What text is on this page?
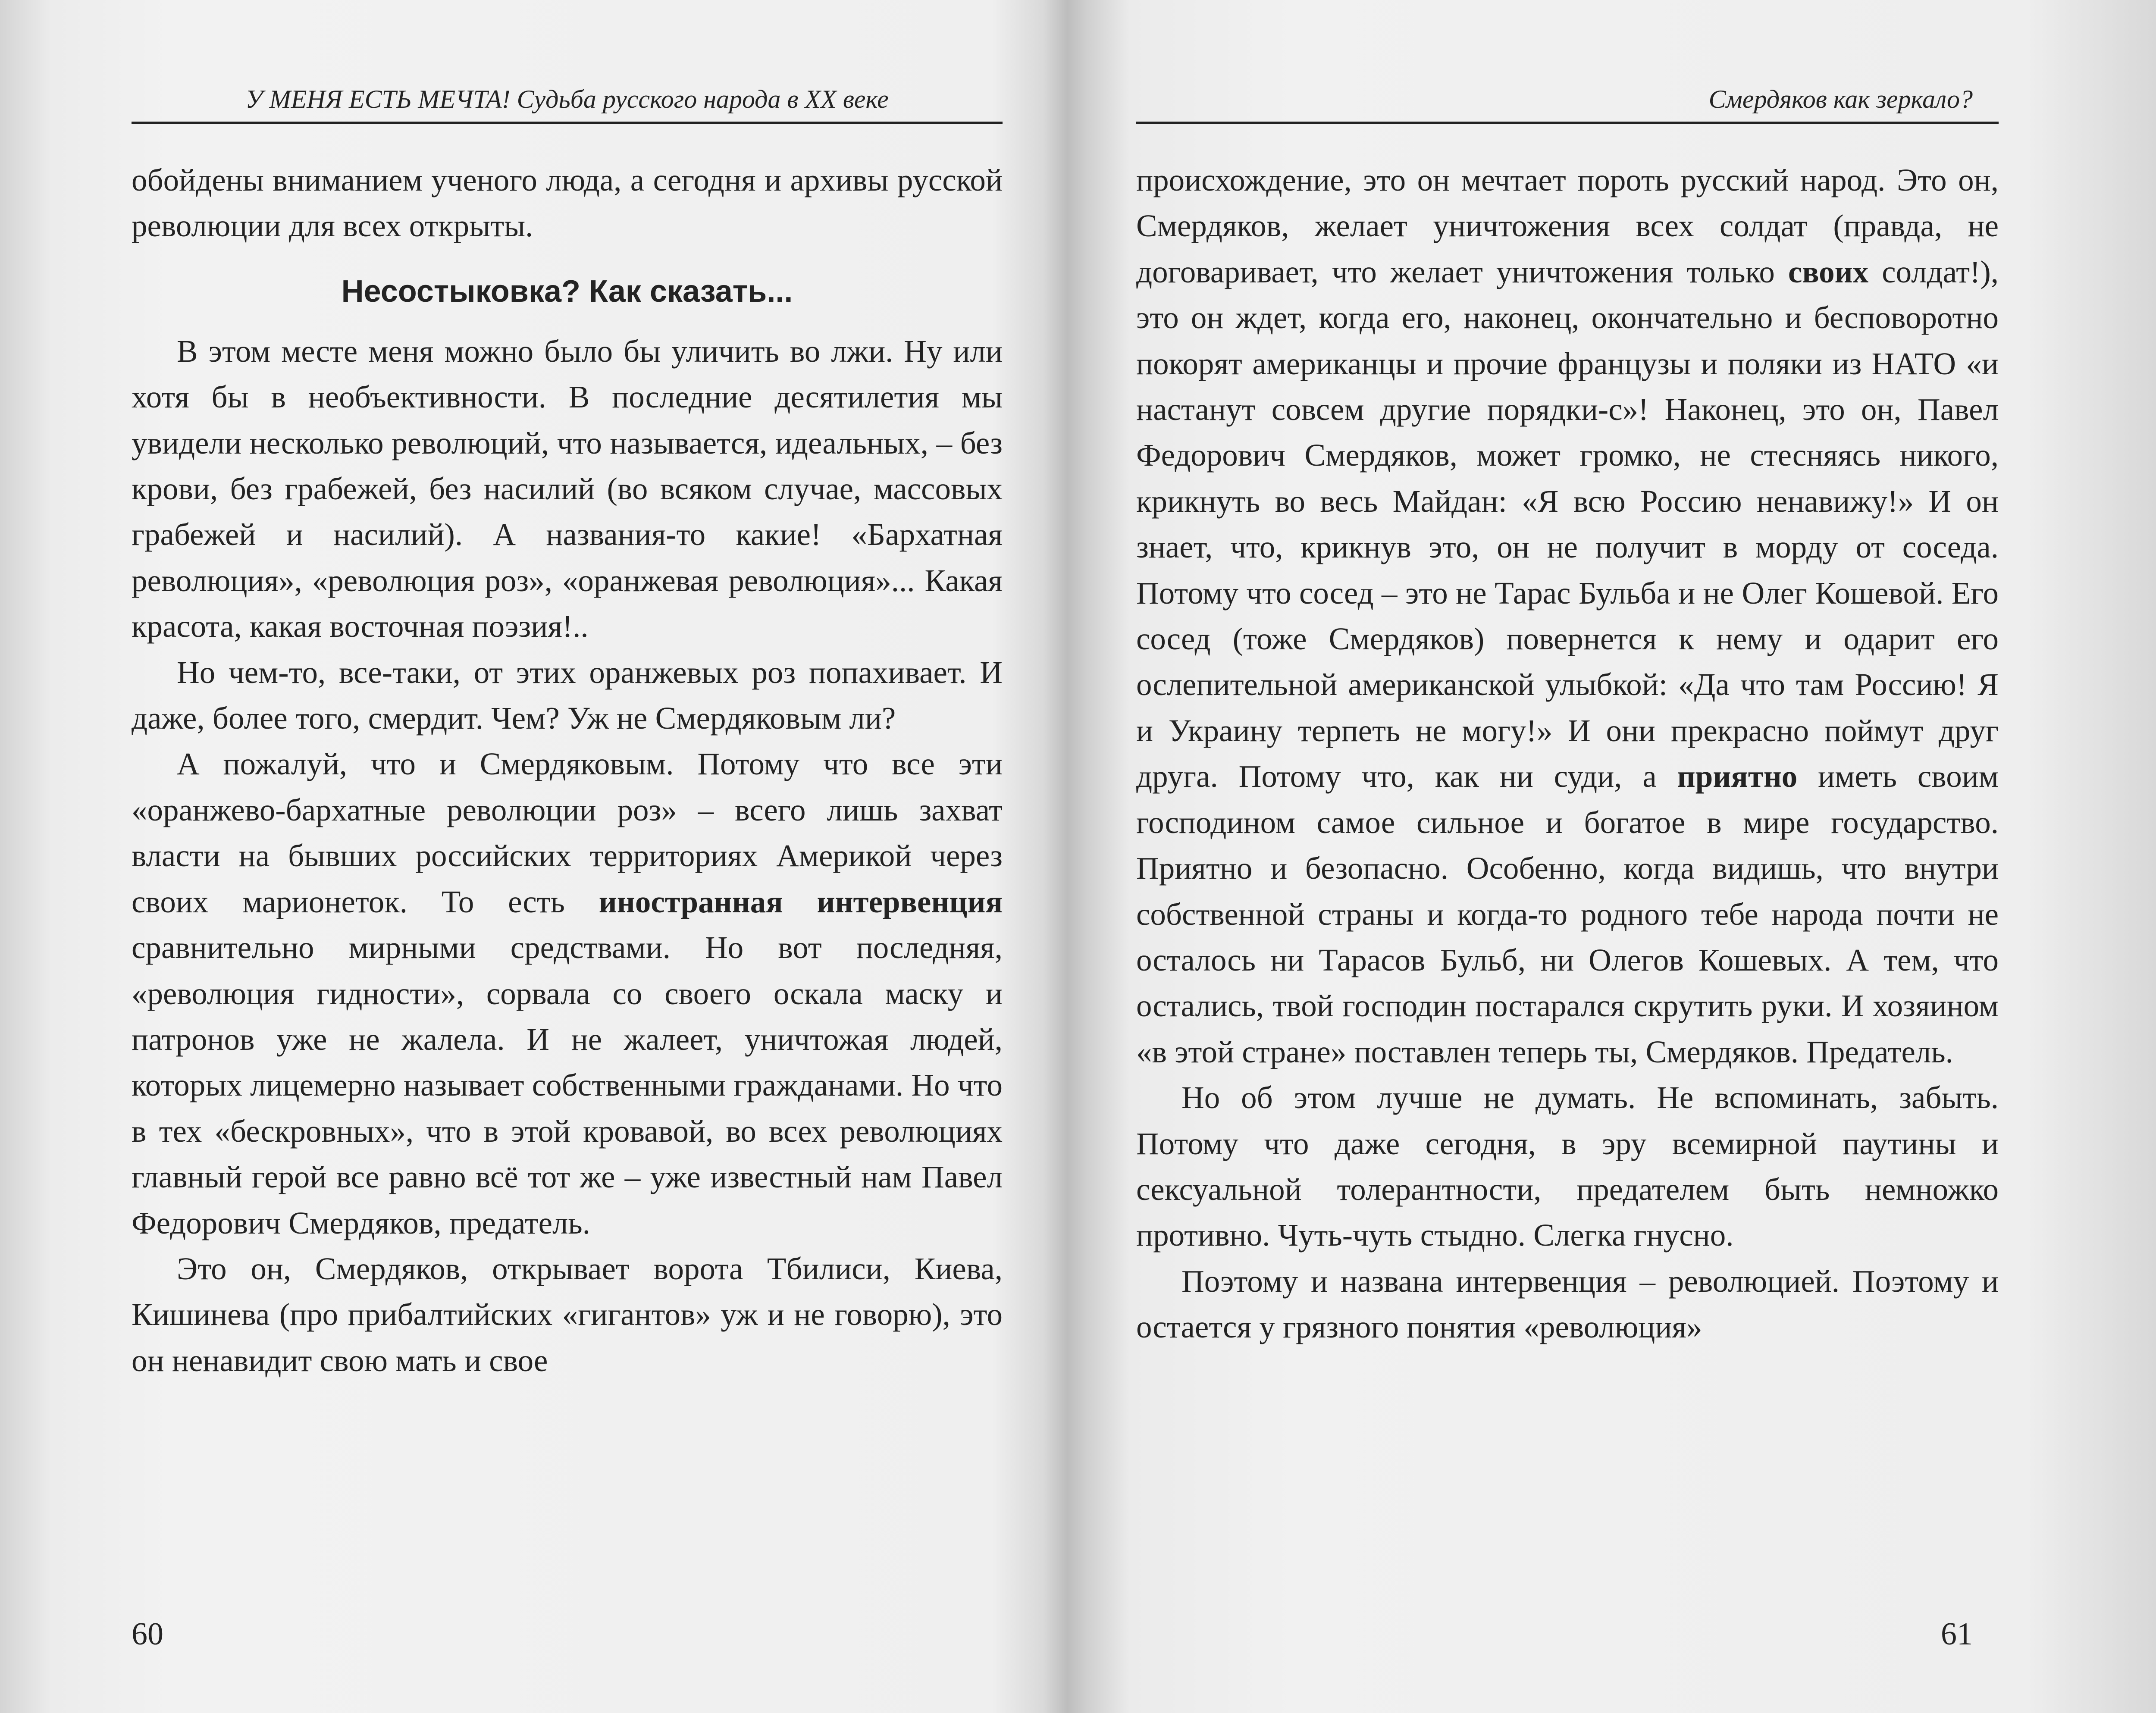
У МЕНЯ ЕСТЬ МЕЧТА! Судьба русского народа в XX веке

обойдены вниманием ученого люда, а сегодня и архивы русской революции для всех открыты.

Несостыковка? Как сказать...

В этом месте меня можно было бы уличить во лжи. Ну или хотя бы в необъективности. В последние десятилетия мы увидели несколько революций, что называется, идеальных, – без крови, без грабежей, без насилий (во всяком случае, массовых грабежей и насилий). А названия-то какие! «Бархатная революция», «революция роз», «оранжевая революция»... Какая красота, какая восточная поэзия!..

Но чем-то, все-таки, от этих оранжевых роз попахивает. И даже, более того, смердит. Чем? Уж не Смердяковым ли?

А пожалуй, что и Смердяковым. Потому что все эти «оранжево-бархатные революции роз» – всего лишь захват власти на бывших российских территориях Америкой через своих марионеток. То есть иностранная интервенция сравнительно мирными средствами. Но вот последняя, «революция гидности», сорвала со своего оскала маску и патронов уже не жалела. И не жалеет, уничтожая людей, которых лицемерно называет собственными гражданами. Но что в тех «бескровных», что в этой кровавой, во всех революциях главный герой все равно всё тот же – уже известный нам Павел Федорович Смердяков, предатель.

Это он, Смердяков, открывает ворота Тбилиси, Киева, Кишинева (про прибалтийских «гигантов» уж и не говорю), это он ненавидит свою мать и свое

60
Смердяков как зеркало?

происхождение, это он мечтает пороть русский народ. Это он, Смердяков, желает уничтожения всех солдат (правда, не договаривает, что желает уничтожения только своих солдат!), это он ждет, когда его, наконец, окончательно и бесповоротно покорят американцы и прочие французы и поляки из НАТО «и настанут совсем другие порядки-с»! Наконец, это он, Павел Федорович Смердяков, может громко, не стесняясь никого, крикнуть во весь Майдан: «Я всю Россию ненавижу!» И он знает, что, крикнув это, он не получит в морду от соседа. Потому что сосед – это не Тарас Бульба и не Олег Кошевой. Его сосед (тоже Смердяков) повернется к нему и одарит его ослепительной американской улыбкой: «Да что там Россию! Я и Украину терпеть не могу!» И они прекрасно поймут друг друга. Потому что, как ни суди, а приятно иметь своим господином самое сильное и богатое в мире государство. Приятно и безопасно. Особенно, когда видишь, что внутри собственной страны и когда-то родного тебе народа почти не осталось ни Тарасов Бульб, ни Олегов Кошевых. А тем, что остались, твой господин постарался скрутить руки. И хозяином «в этой стране» поставлен теперь ты, Смердяков. Предатель.

Но об этом лучше не думать. Не вспоминать, забыть. Потому что даже сегодня, в эру всемирной паутины и сексуальной толерантности, предателем быть немножко противно. Чуть-чуть стыдно. Слегка гнусно.

Поэтому и названа интервенция – революцией. Поэтому и остается у грязного понятия «революция»

61
